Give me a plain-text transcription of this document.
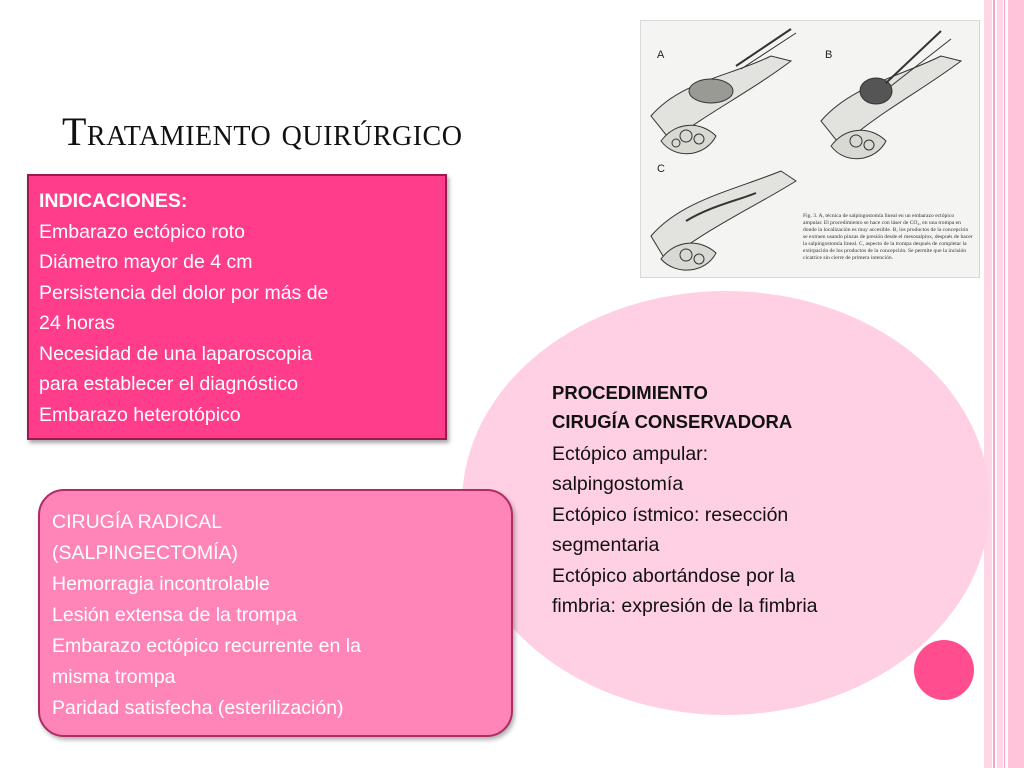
Tratamiento quirúrgico
A	B
C

Fig. 3. A, técnica de salpingostomía lineal en un embarazo ectópico ampular. El procedimiento se hace con láser de CO₂, en una trompa en donde la localización es muy accesible. B, los productos de la concepción se extraen usando pinzas de presión desde el mesosalpinx, después de hacer la salpingostomía lineal. C, aspecto de la trompa después de completar la extirpación de los productos de la concepción. Se permite que la incisión cicatrice sin cierre de primera intención.

INDICACIONES:
Embarazo ectópico roto
Diámetro mayor de 4 cm
Persistencia del dolor por más de
24 horas
Necesidad de una laparoscopia
para establecer el diagnóstico
Embarazo heterotópico
PROCEDIMIENTO
CIRUGÍA CONSERVADORA
Ectópico ampular:
salpingostomía
Ectópico ístmico: resección
segmentaria
Ectópico abortándose por la
fimbria: expresión de la fimbria
CIRUGÍA RADICAL
(SALPINGECTOMÍA)
Hemorragia incontrolable
Lesión extensa de la trompa
Embarazo ectópico recurrente en la
misma trompa
Paridad satisfecha (esterilización)
